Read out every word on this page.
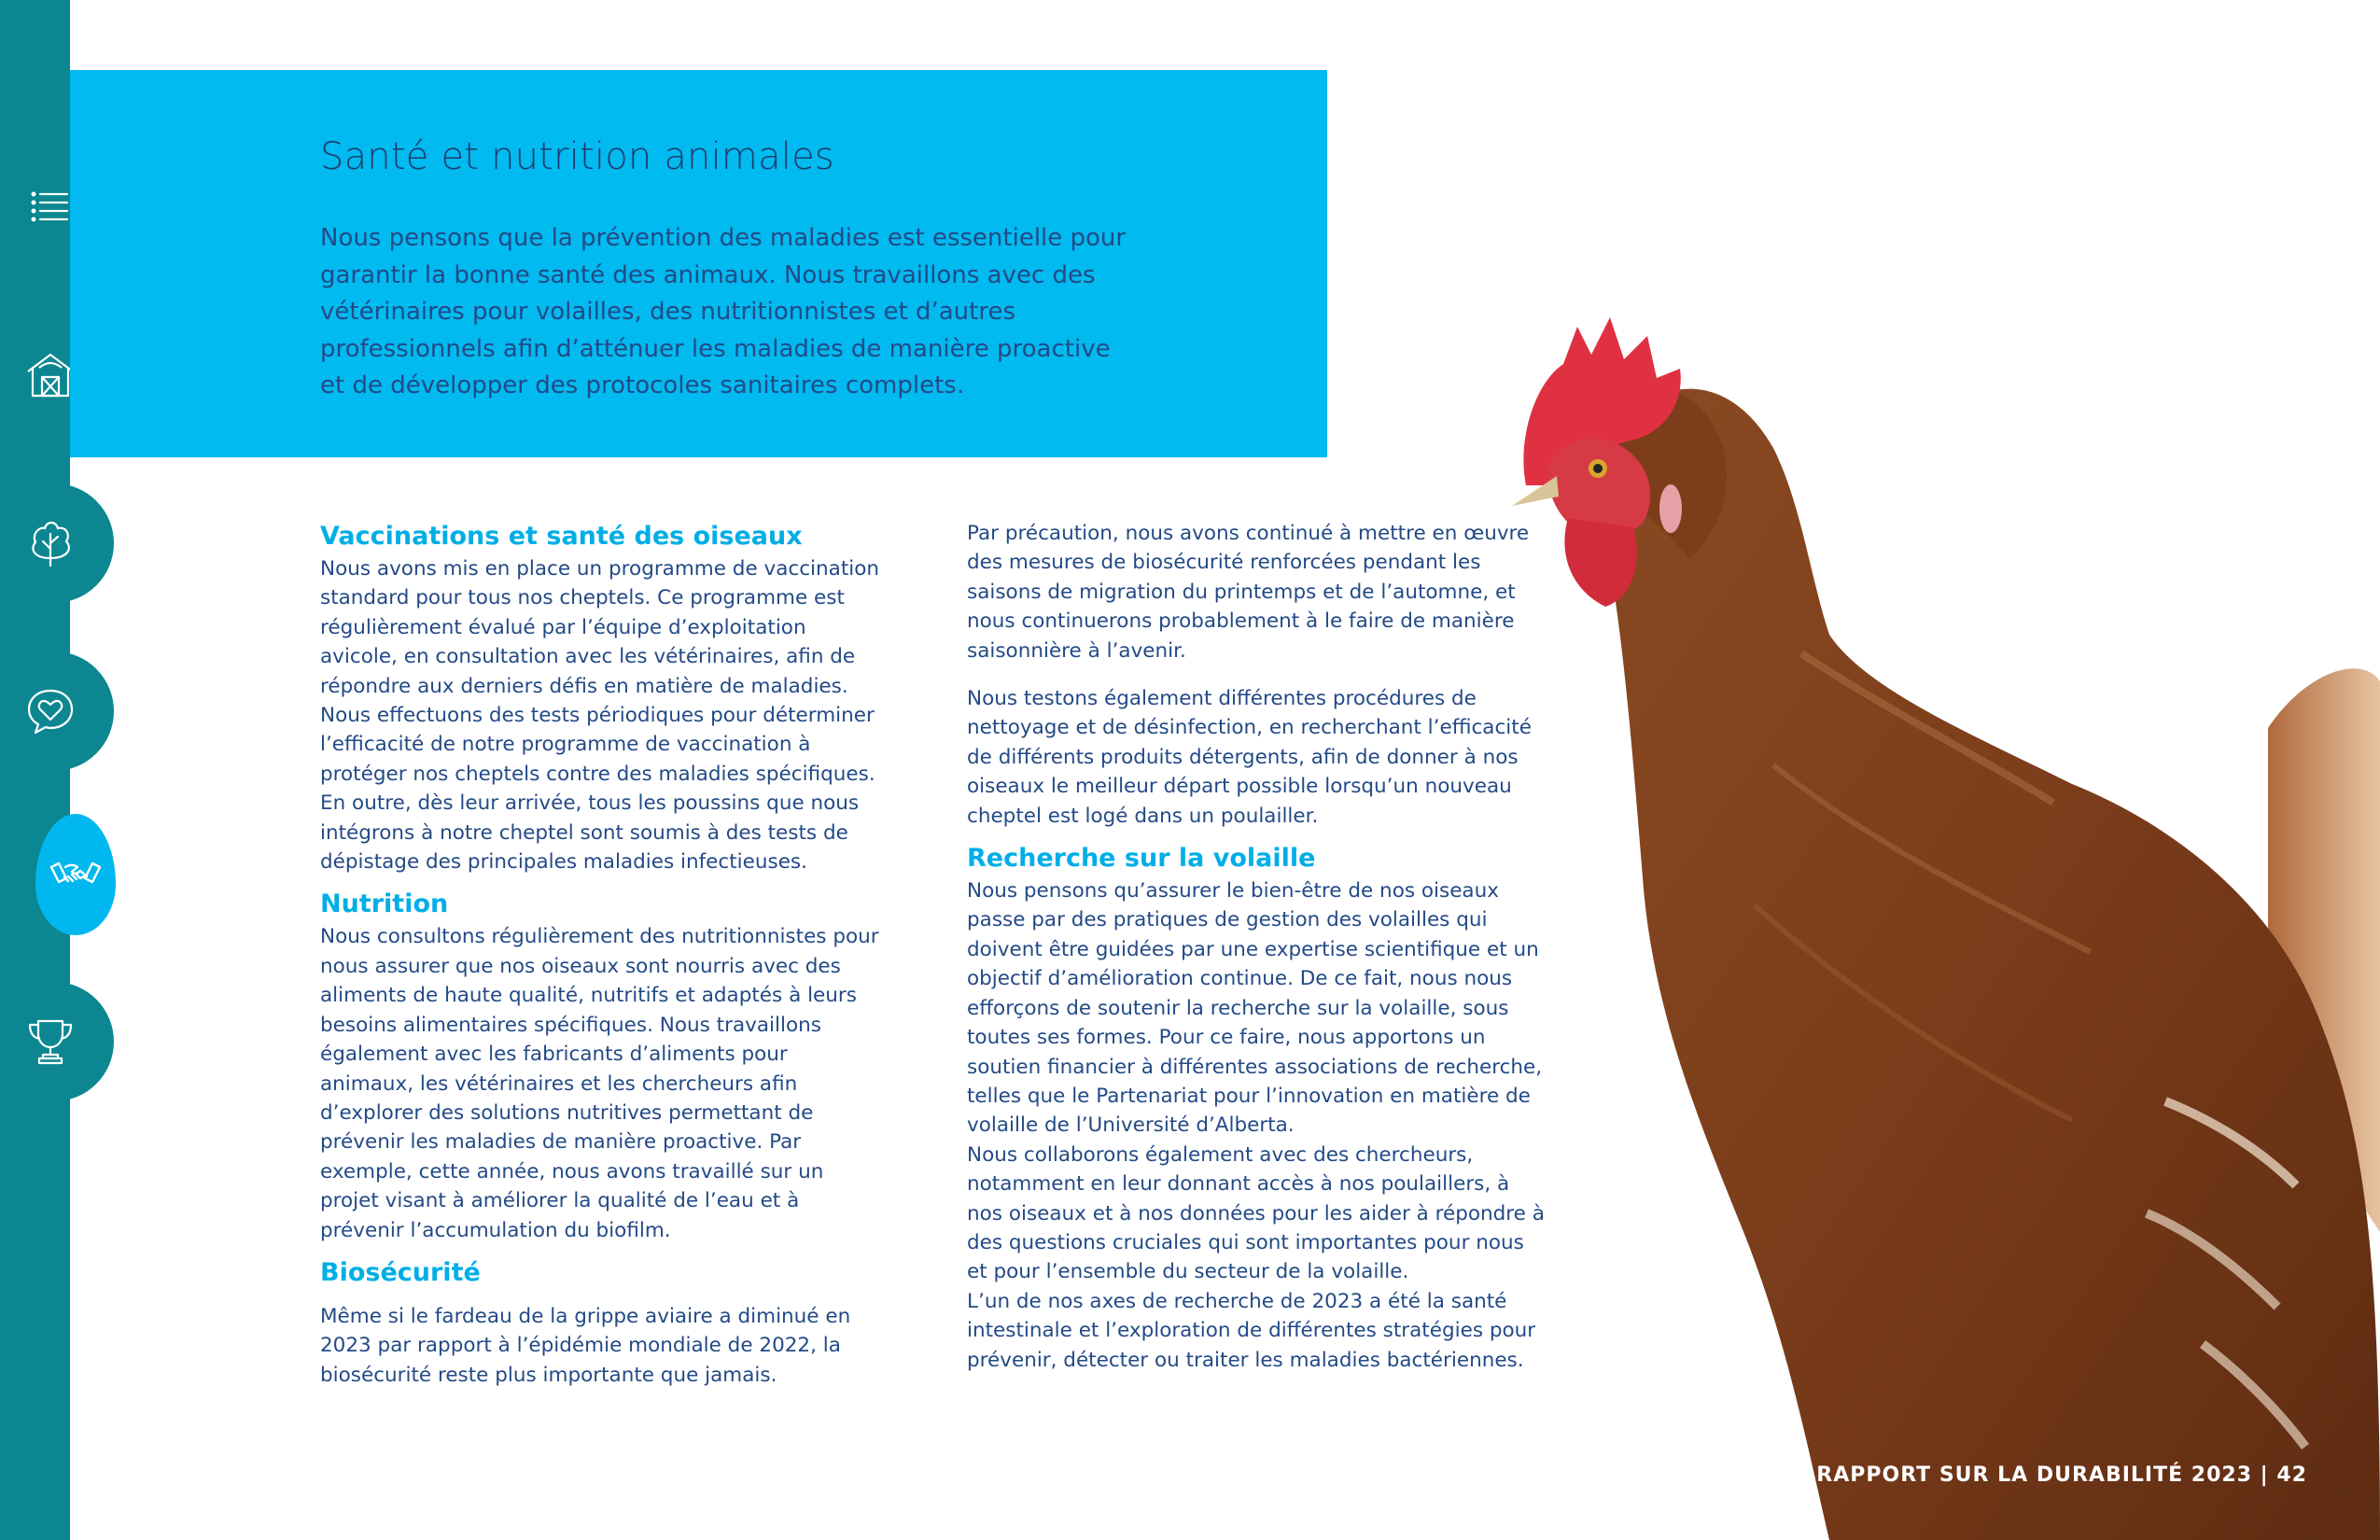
Santé et nutrition animales

Nous pensons que la prévention des maladies est essentielle pour garantir la bonne santé des animaux. Nous travaillons avec des vétérinaires pour volailles, des nutritionnistes et d’autres professionnels afin d’atténuer les maladies de manière proactive et de développer des protocoles sanitaires complets.

Vaccinations et santé des oiseaux

Nous avons mis en place un programme de vaccination standard pour tous nos cheptels. Ce programme est régulièrement évalué par l’équipe d’exploitation avicole, en consultation avec les vétérinaires, afin de répondre aux derniers défis en matière de maladies. Nous effectuons des tests périodiques pour déterminer l’efficacité de notre programme de vaccination à protéger nos cheptels contre des maladies spécifiques. En outre, dès leur arrivée, tous les poussins que nous intégrons à notre cheptel sont soumis à des tests de dépistage des principales maladies infectieuses.

Nutrition

Nous consultons régulièrement des nutritionnistes pour nous assurer que nos oiseaux sont nourris avec des aliments de haute qualité, nutritifs et adaptés à leurs besoins alimentaires spécifiques. Nous travaillons également avec les fabricants d’aliments pour animaux, les vétérinaires et les chercheurs afin d’explorer des solutions nutritives permettant de prévenir les maladies de manière proactive. Par exemple, cette année, nous avons travaillé sur un projet visant à améliorer la qualité de l’eau et à prévenir l’accumulation du biofilm.

Biosécurité

Même si le fardeau de la grippe aviaire a diminué en 2023 par rapport à l’épidémie mondiale de 2022, la biosécurité reste plus importante que jamais.

Par précaution, nous avons continué à mettre en œuvre des mesures de biosécurité renforcées pendant les saisons de migration du printemps et de l’automne, et nous continuerons probablement à le faire de manière saisonnière à l’avenir.

Nous testons également différentes procédures de nettoyage et de désinfection, en recherchant l’efficacité de différents produits détergents, afin de donner à nos oiseaux le meilleur départ possible lorsqu’un nouveau cheptel est logé dans un poulailler.

Recherche sur la volaille

Nous pensons qu’assurer le bien-être de nos oiseaux passe par des pratiques de gestion des volailles qui doivent être guidées par une expertise scientifique et un objectif d’amélioration continue. De ce fait, nous nous efforçons de soutenir la recherche sur la volaille, sous toutes ses formes. Pour ce faire, nous apportons un soutien financier à différentes associations de recherche, telles que le Partenariat pour l’innovation en matière de volaille de l’Université d’Alberta.

Nous collaborons également avec des chercheurs, notamment en leur donnant accès à nos poulaillers, à nos oiseaux et à nos données pour les aider à répondre à des questions cruciales qui sont importantes pour nous et pour l’ensemble du secteur de la volaille.

L’un de nos axes de recherche de 2023 a été la santé intestinale et l’exploration de différentes stratégies pour prévenir, détecter ou traiter les maladies bactériennes.

RAPPORT SUR LA DURABILITÉ 2023 | 42
